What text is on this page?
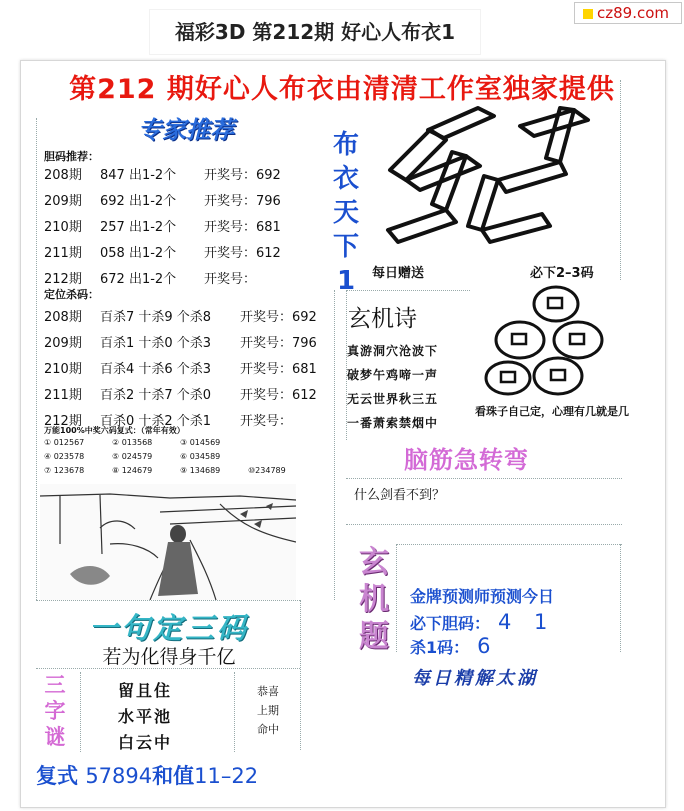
福彩3D 第212期 好心人布衣1
cz89.com
第212 期好心人布衣由清清工作室独家提供
专家推荐
胆码推荐：
208期 847 出1-2个 开奖号：692
209期 692 出1-2个 开奖号：796
210期 257 出1-2个 开奖号：681
211期 058 出1-2个 开奖号：612
212期 672 出1-2个 开奖号：
定位杀码：
208期 百杀7 十杀9 个杀8 开奖号：692
209期 百杀1 十杀0 个杀3 开奖号：796
210期 百杀4 十杀6 个杀3 开奖号：681
211期 百杀2 十杀7 个杀0 开奖号：612
212期 百杀0 十杀2 个杀1 开奖号：
万能100%中奖六码复式：（常年有效）
① 012567	② 013568	③ 014569
④ 023578	⑤ 024579	⑥ 034589
⑦ 123678	⑧ 124679	⑨ 134689	⑩234789
布
衣
天
下
1	每日赠送	必下2–3码
玄机诗
真游洞穴沧波下
破梦午鸡啼一声
无云世界秋三五
一番萧索禁烟中
看珠子自己定，心理有几就是几
脑筋急转弯
什么剑看不到？
玄
机
题
金牌预测师预测今日
必下胆码： 4 1
杀1码： 6
每日精解太湖
一句定三码
若为化得身千亿
三
字
谜
留且住
水平池
白云中
恭喜
上期
命中
复式 57894和值11–22
